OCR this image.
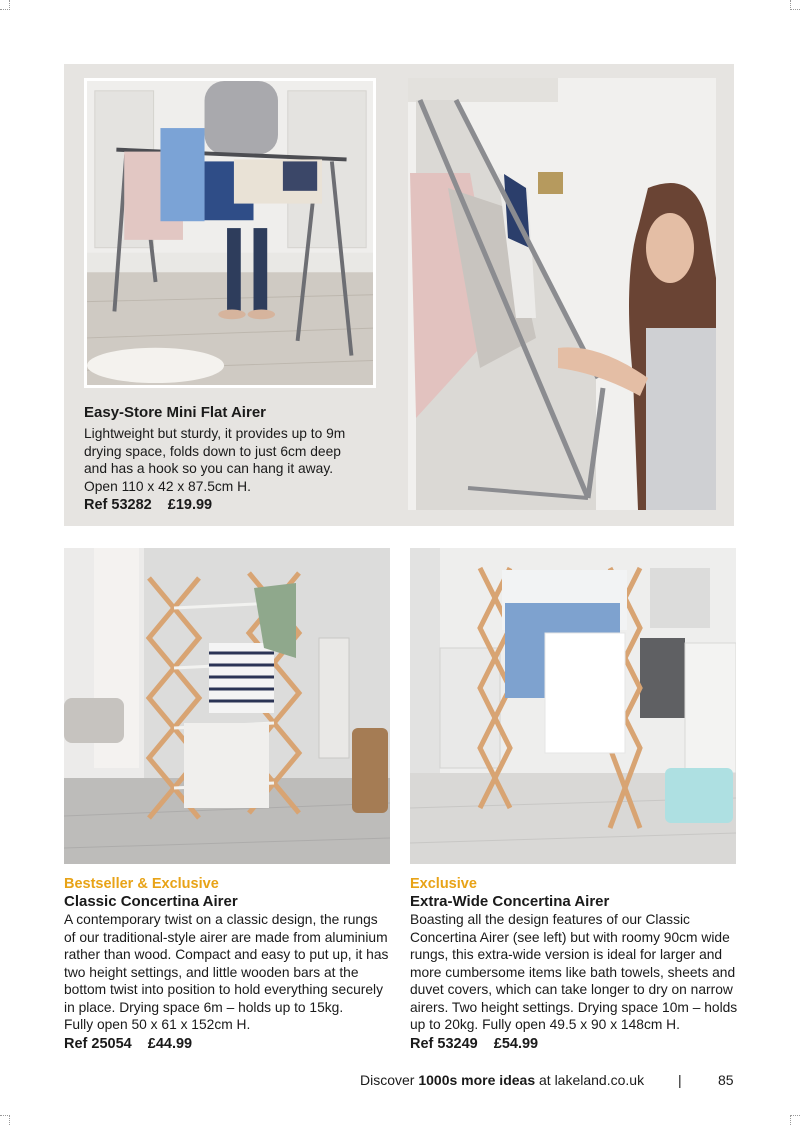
Easy-Store Mini Flat Airer
Lightweight but sturdy, it provides up to 9m
drying space, folds down to just 6cm deep
and has a hook so you can hang it away.
Open 110 x 42 x 87.5cm H.
Ref 53282 £19.99
Bestseller & Exclusive
Classic Concertina Airer
A contemporary twist on a classic design, the rungs
of our traditional-style airer are made from aluminium
rather than wood. Compact and easy to put up, it has
two height settings, and little wooden bars at the
bottom twist into position to hold everything securely
in place. Drying space 6m – holds up to 15kg.
Fully open 50 x 61 x 152cm H.
Ref 25054 £44.99
Exclusive
Extra-Wide Concertina Airer
Boasting all the design features of our Classic
Concertina Airer (see left) but with roomy 90cm wide
rungs, this extra-wide version is ideal for larger and
more cumbersome items like bath towels, sheets and
duvet covers, which can take longer to dry on narrow
airers. Two height settings. Drying space 10m – holds
up to 20kg. Fully open 49.5 x 90 x 148cm H.
Ref 53249 £54.99
Discover 1000s more ideas at lakeland.co.uk |	85
